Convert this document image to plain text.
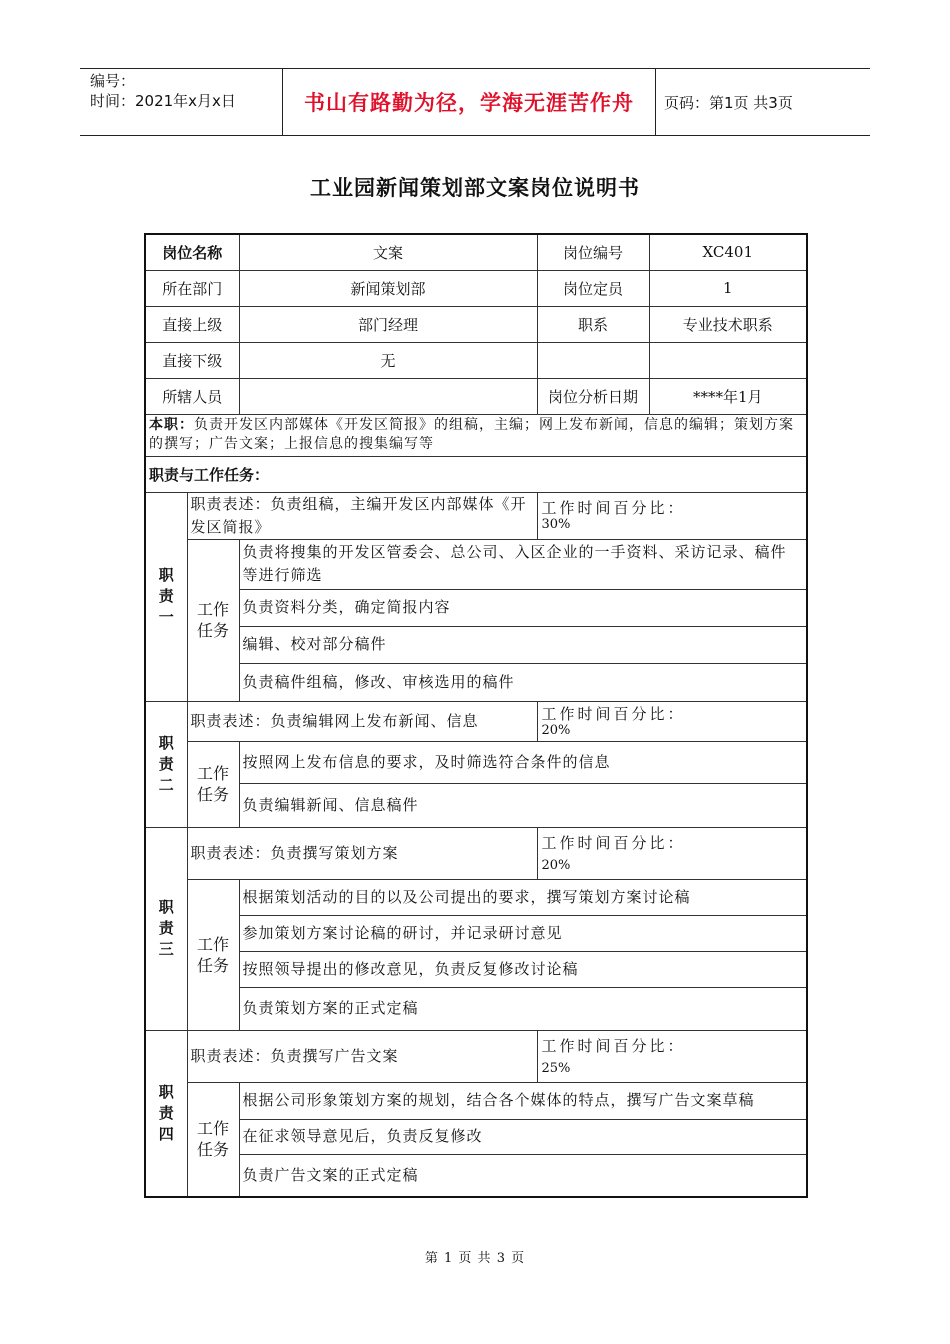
编号：
时间：2021年x月x日	书山有路勤为径，学海无涯苦作舟	页码：第1页 共3页
工业园新闻策划部文案岗位说明书
岗位名称		文案	岗位编号	XC401
所在部门		新闻策划部	岗位定员	1
直接上级		部门经理	职系	专业技术职系
直接下级		无		
所辖人员			岗位分析日期	****年1月
本职：负责开发区内部媒体《开发区简报》的组稿，主编；网上发布新闻，信息的编辑；策划方案的撰写；广告文案；上报信息的搜集编写等				
职责与工作任务：				
职责一	职责表述：负责组稿，主编开发区内部媒体《开发区简报》		工作时间百分比：
30%	

	工作任务	负责将搜集的开发区管委会、总公司、入区企业的一手资料、采访记录、稿件等进行筛选		
		负责资料分类，确定简报内容		
		编辑、校对部分稿件		
		负责稿件组稿，修改、审核选用的稿件		
职责二	职责表述：负责编辑网上发布新闻、信息		工作时间百分比：
20%	

	工作任务	按照网上发布信息的要求，及时筛选符合条件的信息		
		负责编辑新闻、信息稿件		
职责三	职责表述：负责撰写策划方案		工作时间百分比：
20%	

	工作任务	根据策划活动的目的以及公司提出的要求，撰写策划方案讨论稿		
		参加策划方案讨论稿的研讨，并记录研讨意见		
		按照领导提出的修改意见，负责反复修改讨论稿		
		负责策划方案的正式定稿		
职责四	职责表述：负责撰写广告文案		工作时间百分比：
25%	

	工作任务	根据公司形象策划方案的规划，结合各个媒体的特点，撰写广告文案草稿		
		在征求领导意见后，负责反复修改		
		负责广告文案的正式定稿		
第 1 页 共 3 页
